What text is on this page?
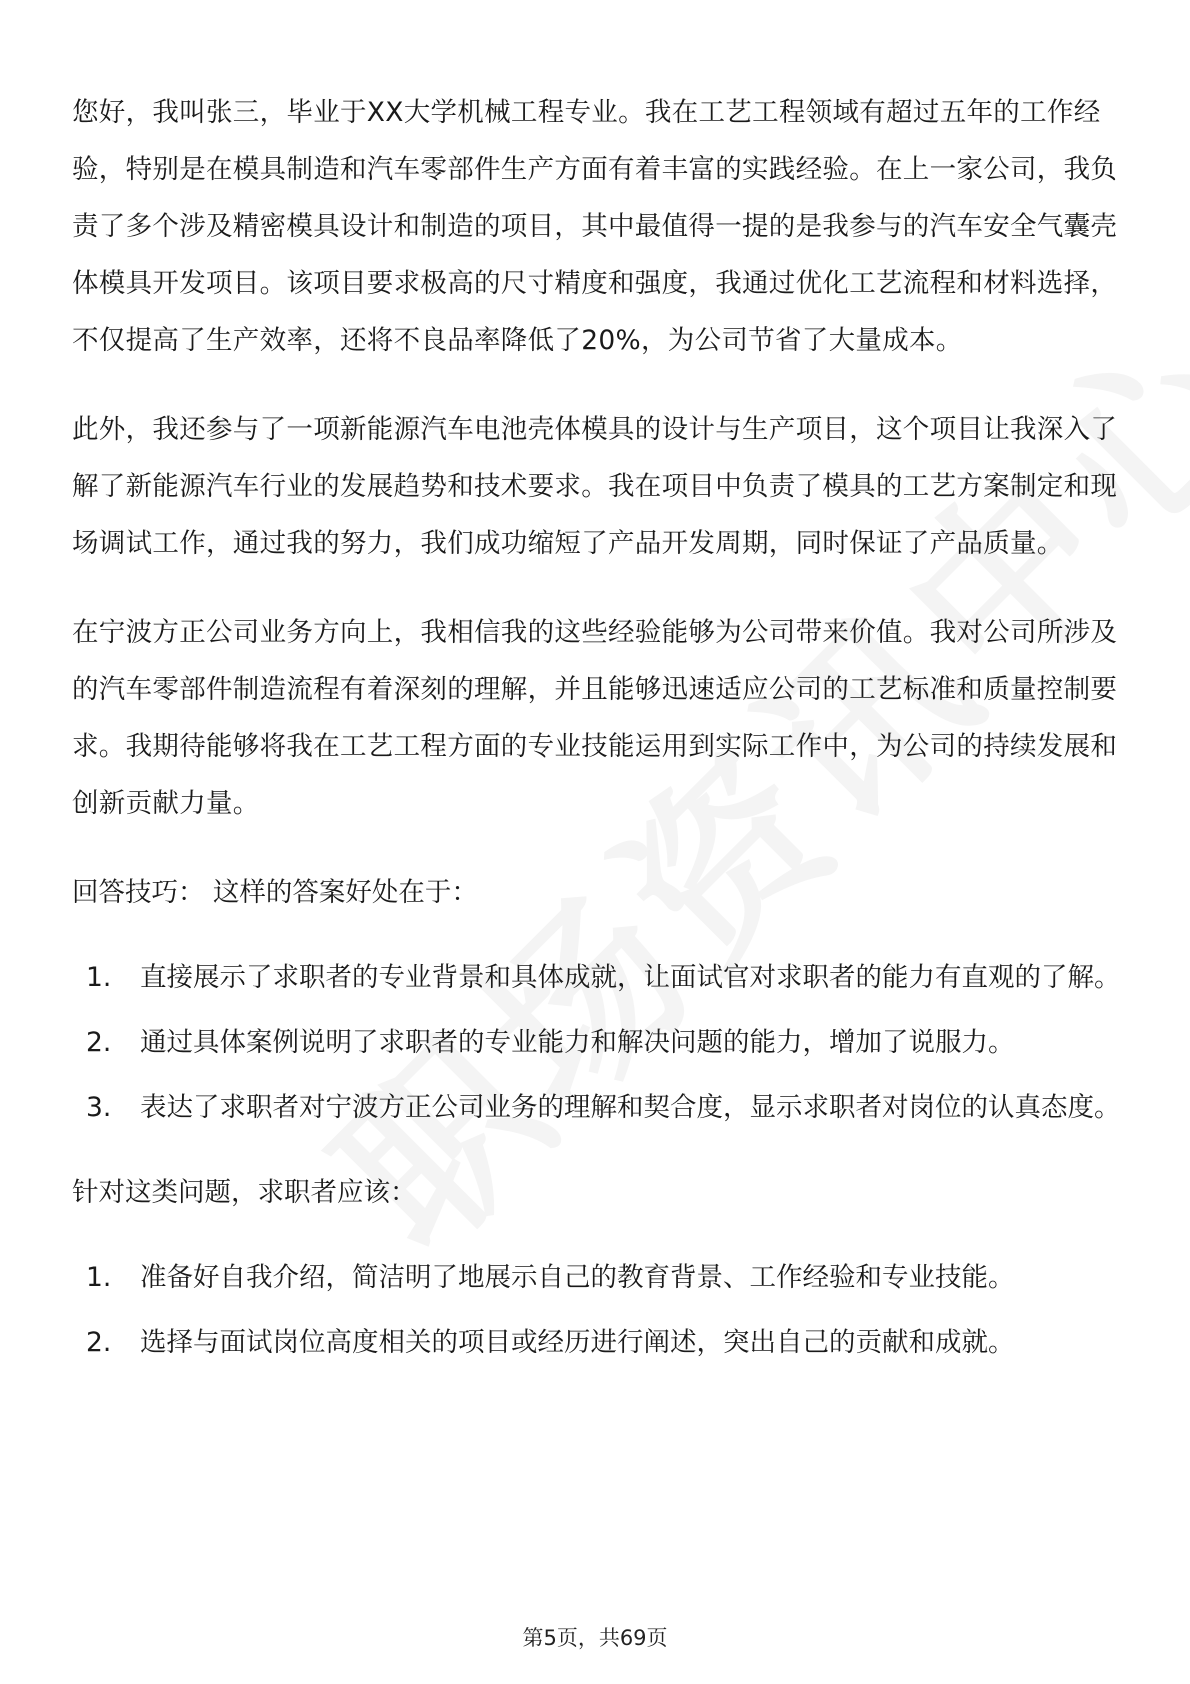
您好，我叫张三，毕业于XX大学机械工程专业。我在工艺工程领域有超过五年的工作经验，特别是在模具制造和汽车零部件生产方面有着丰富的实践经验。在上一家公司，我负责了多个涉及精密模具设计和制造的项目，其中最值得一提的是我参与的汽车安全气囊壳体模具开发项目。该项目要求极高的尺寸精度和强度，我通过优化工艺流程和材料选择，不仅提高了生产效率，还将不良品率降低了20%，为公司节省了大量成本。

此外，我还参与了一项新能源汽车电池壳体模具的设计与生产项目，这个项目让我深入了解了新能源汽车行业的发展趋势和技术要求。我在项目中负责了模具的工艺方案制定和现场调试工作，通过我的努力，我们成功缩短了产品开发周期，同时保证了产品质量。

在宁波方正公司业务方向上，我相信我的这些经验能够为公司带来价值。我对公司所涉及的汽车零部件制造流程有着深刻的理解，并且能够迅速适应公司的工艺标准和质量控制要求。我期待能够将我在工艺工程方面的专业技能运用到实际工作中，为公司的持续发展和创新贡献力量。

回答技巧： 这样的答案好处在于：

1. 直接展示了求职者的专业背景和具体成就，让面试官对求职者的能力有直观的了解。
2. 通过具体案例说明了求职者的专业能力和解决问题的能力，增加了说服力。
3. 表达了求职者对宁波方正公司业务的理解和契合度，显示求职者对岗位的认真态度。

针对这类问题，求职者应该：

1. 准备好自我介绍，简洁明了地展示自己的教育背景、工作经验和专业技能。
2. 选择与面试岗位高度相关的项目或经历进行阐述，突出自己的贡献和成就。
第5页，共69页
